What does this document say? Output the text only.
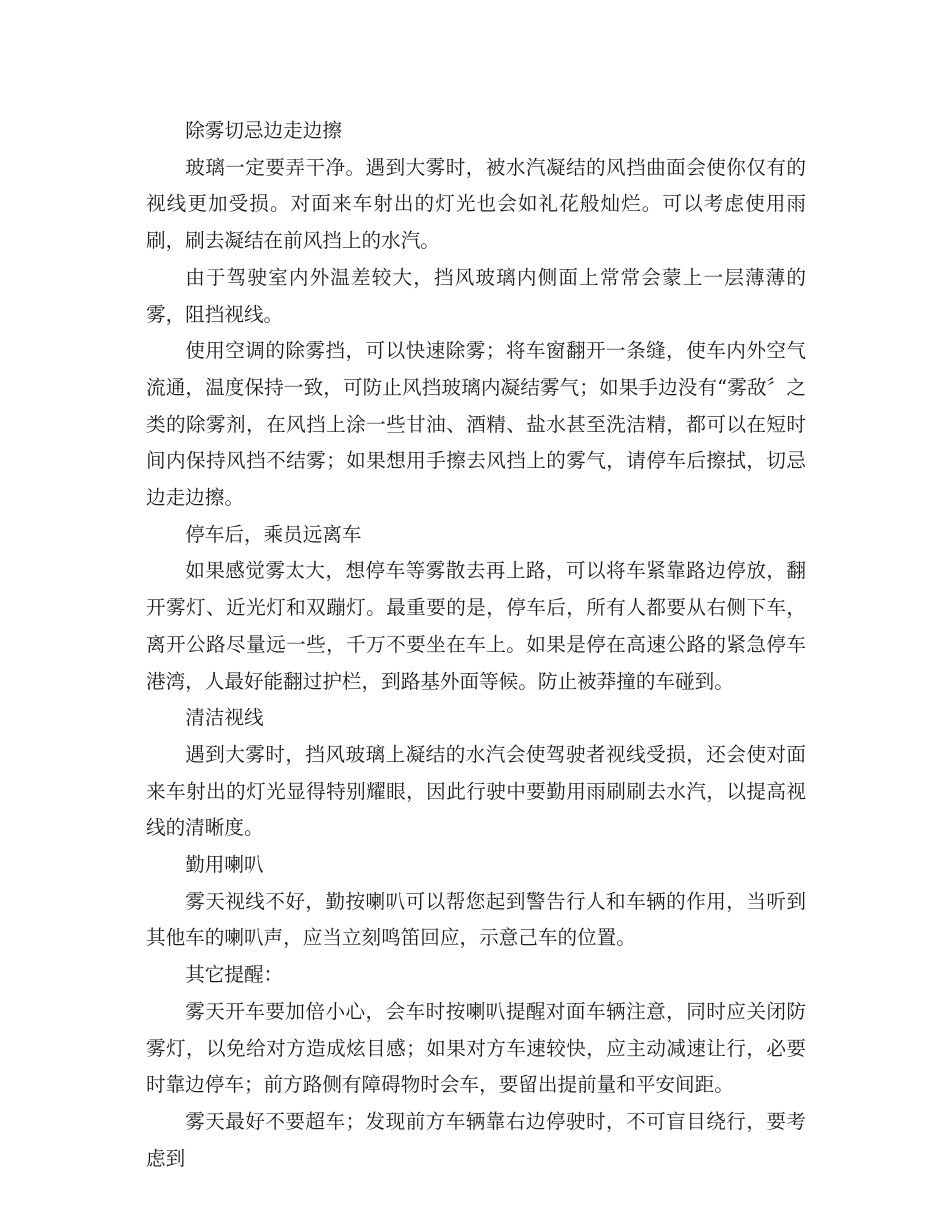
除雾切忌边走边擦

玻璃一定要弄干净。遇到大雾时，被水汽凝结的风挡曲面会使你仅有的视线更加受损。对面来车射出的灯光也会如礼花般灿烂。可以考虑使用雨刷，刷去凝结在前风挡上的水汽。

由于驾驶室内外温差较大，挡风玻璃内侧面上常常会蒙上一层薄薄的雾，阻挡视线。

使用空调的除雾挡，可以快速除雾；将车窗翻开一条缝，使车内外空气流通，温度保持一致，可防止风挡玻璃内凝结雾气；如果手边没有“雾敌〞之类的除雾剂，在风挡上涂一些甘油、酒精、盐水甚至洗洁精，都可以在短时间内保持风挡不结雾；如果想用手擦去风挡上的雾气，请停车后擦拭，切忌边走边擦。

停车后，乘员远离车

如果感觉雾太大，想停车等雾散去再上路，可以将车紧靠路边停放，翻开雾灯、近光灯和双蹦灯。最重要的是，停车后，所有人都要从右侧下车，离开公路尽量远一些，千万不要坐在车上。如果是停在高速公路的紧急停车港湾，人最好能翻过护栏，到路基外面等候。防止被莽撞的车碰到。

清洁视线

遇到大雾时，挡风玻璃上凝结的水汽会使驾驶者视线受损，还会使对面来车射出的灯光显得特别耀眼，因此行驶中要勤用雨刷刷去水汽，以提高视线的清晰度。

勤用喇叭

雾天视线不好，勤按喇叭可以帮您起到警告行人和车辆的作用，当听到其他车的喇叭声，应当立刻鸣笛回应，示意己车的位置。

其它提醒：

雾天开车要加倍小心，会车时按喇叭提醒对面车辆注意，同时应关闭防雾灯，以免给对方造成炫目感；如果对方车速较快，应主动减速让行，必要时靠边停车；前方路侧有障碍物时会车，要留出提前量和平安间距。

雾天最好不要超车；发现前方车辆靠右边停驶时，不可盲目绕行，要考虑到
